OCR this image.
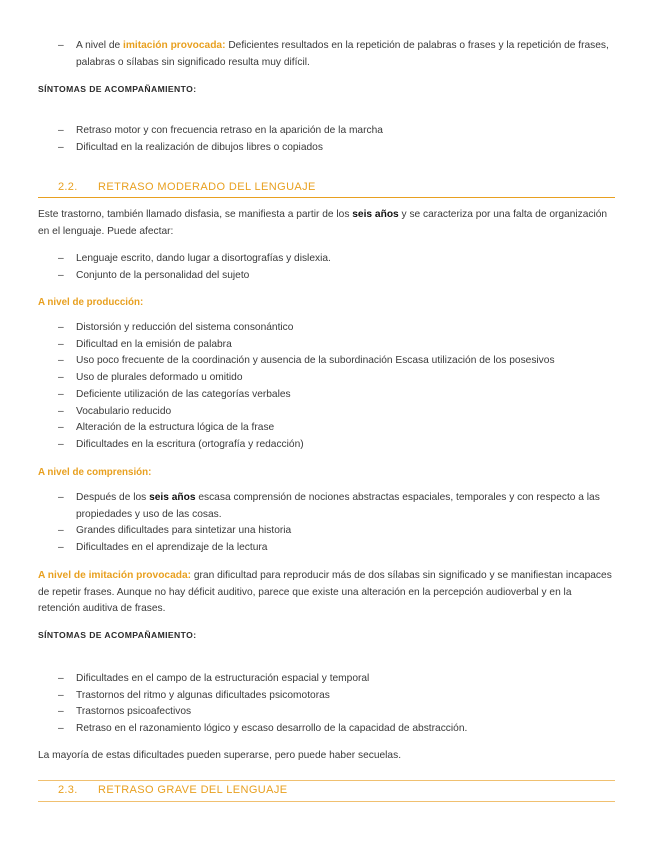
– A nivel de imitación provocada: Deficientes resultados en la repetición de palabras o frases y la repetición de frases, palabras o sílabas sin significado resulta muy difícil.
SÍNTOMAS DE ACOMPAÑAMIENTO:
– Retraso motor y con frecuencia retraso en la aparición de la marcha
– Dificultad en la realización de dibujos libres o copiados
2.2. RETRASO MODERADO DEL LENGUAJE
Este trastorno, también llamado disfasia, se manifiesta a partir de los seis años y se caracteriza por una falta de organización en el lenguaje. Puede afectar:
– Lenguaje escrito, dando lugar a disortografías y dislexia.
– Conjunto de la personalidad del sujeto
A nivel de producción:
– Distorsión y reducción del sistema consonántico
– Dificultad en la emisión de palabra
– Uso poco frecuente de la coordinación y ausencia de la subordinación Escasa utilización de los posesivos
– Uso de plurales deformado u omitido
– Deficiente utilización de las categorías verbales
– Vocabulario reducido
– Alteración de la estructura lógica de la frase
– Dificultades en la escritura (ortografía y redacción)
A nivel de comprensión:
– Después de los seis años escasa comprensión de nociones abstractas espaciales, temporales y con respecto a las propiedades y uso de las cosas.
– Grandes dificultades para sintetizar una historia
– Dificultades en el aprendizaje de la lectura
A nivel de imitación provocada: gran dificultad para reproducir más de dos sílabas sin significado y se manifiestan incapaces de repetir frases. Aunque no hay déficit auditivo, parece que existe una alteración en la percepción audioverbal y en la retención auditiva de frases.
SÍNTOMAS DE ACOMPAÑAMIENTO:
– Dificultades en el campo de la estructuración espacial y temporal
– Trastornos del ritmo y algunas dificultades psicomotoras
– Trastornos psicoafectivos
– Retraso en el razonamiento lógico y escaso desarrollo de la capacidad de abstracción.
La mayoría de estas dificultades pueden superarse, pero puede haber secuelas.
2.3. RETRASO GRAVE DEL LENGUAJE
